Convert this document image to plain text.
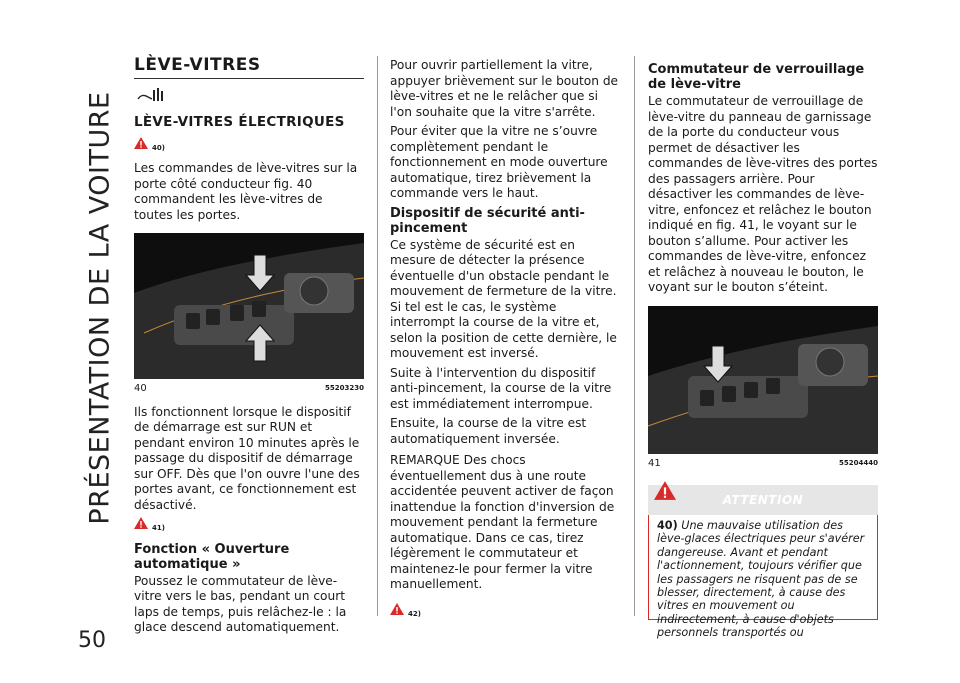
PRÉSENTATION DE LA VOITURE
50
LÈVE-VITRES
LÈVE-VITRES ÉLECTRIQUES
40)

Les commandes de lève-vitres sur la porte côté conducteur fig. 40 commandent les lève-vitres de toutes les portes.

40	55203230

Ils fonctionnent lorsque le dispositif de démarrage est sur RUN et pendant environ 10 minutes après le passage du dispositif de démarrage sur OFF. Dès que l'on ouvre l'une des portes avant, ce fonctionnement est désactivé.

41)
Fonction « Ouverture automatique »

Poussez le commutateur de lève-vitre vers le bas, pendant un court laps de temps, puis relâchez-le : la glace descend automatiquement.

Pour ouvrir partiellement la vitre, appuyer brièvement sur le bouton de lève-vitres et ne le relâcher que si l'on souhaite que la vitre s'arrête.

Pour éviter que la vitre ne s’ouvre complètement pendant le fonctionnement en mode ouverture automatique, tirez brièvement la commande vers le haut.

Dispositif de sécurité anti-pincement

Ce système de sécurité est en mesure de détecter la présence éventuelle d'un obstacle pendant le mouvement de fermeture de la vitre. Si tel est le cas, le système interrompt la course de la vitre et, selon la position de cette dernière, le mouvement est inversé.

Suite à l'intervention du dispositif anti-pincement, la course de la vitre est immédiatement interrompue.

Ensuite, la course de la vitre est automatiquement inversée.

REMARQUE Des chocs éventuellement dus à une route accidentée peuvent activer de façon inattendue la fonction d'inversion de mouvement pendant la fermeture automatique. Dans ce cas, tirez légèrement le commutateur et maintenez-le pour fermer la vitre manuellement.

42)
Commutateur de verrouillage de lève-vitre

Le commutateur de verrouillage de lève-vitre du panneau de garnissage de la porte du conducteur vous permet de désactiver les commandes de lève-vitres des portes des passagers arrière. Pour désactiver les commandes de lève-vitre, enfoncez et relâchez le bouton indiqué en fig. 41, le voyant sur le bouton s’allume. Pour activer les commandes de lève-vitre, enfoncez et relâchez à nouveau le bouton, le voyant sur le bouton s’éteint.

41	55204440
ATTENTION
40) Une mauvaise utilisation des lève-glaces électriques peur s'avérer dangereuse. Avant et pendant l'actionnement, toujours vérifier que les passagers ne risquent pas de se blesser, directement, à cause des vitres en mouvement ou indirectement, à cause d'objets personnels transportés ou
